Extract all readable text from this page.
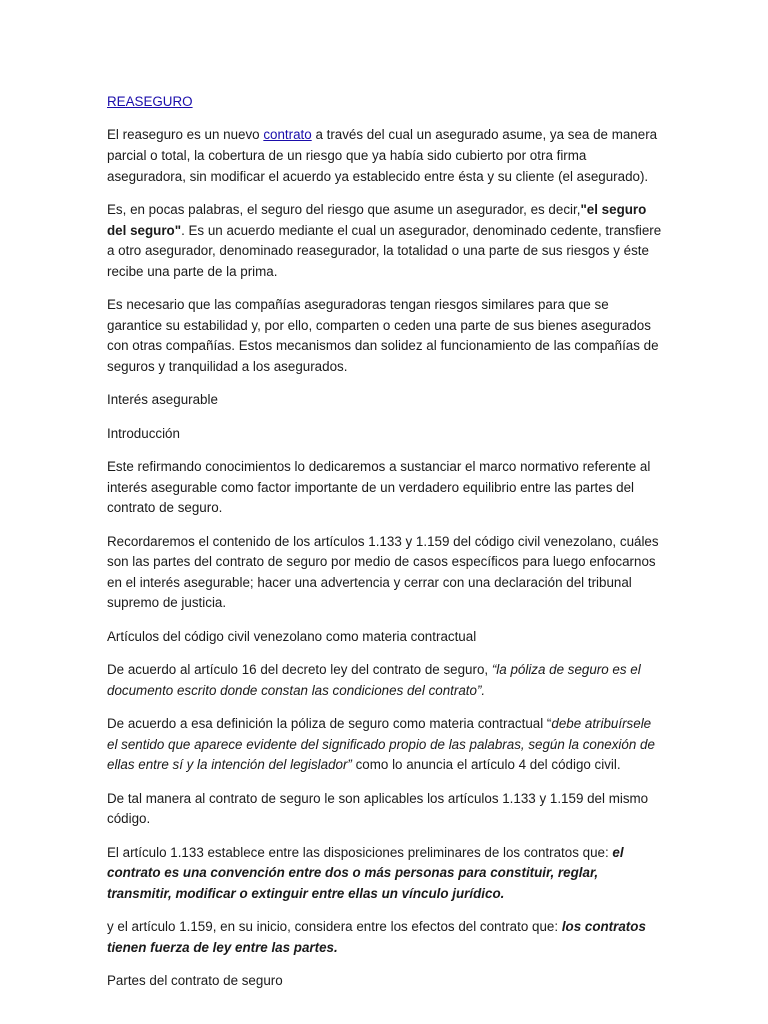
REASEGURO

El reaseguro es un nuevo contrato a través del cual un asegurado asume, ya sea de manera parcial o total, la cobertura de un riesgo que ya había sido cubierto por otra firma aseguradora, sin modificar el acuerdo ya establecido entre ésta y su cliente (el asegurado).

Es, en pocas palabras, el seguro del riesgo que asume un asegurador, es decir,"el seguro del seguro". Es un acuerdo mediante el cual un asegurador, denominado cedente, transfiere a otro asegurador, denominado reasegurador, la totalidad o una parte de sus riesgos y éste recibe una parte de la prima.

Es necesario que las compañías aseguradoras tengan riesgos similares para que se garantice su estabilidad y, por ello, comparten o ceden una parte de sus bienes asegurados con otras compañías. Estos mecanismos dan solidez al funcionamiento de las compañías de seguros y tranquilidad a los asegurados.

Interés asegurable

Introducción

Este refirmando conocimientos lo dedicaremos a sustanciar el marco normativo referente al interés asegurable como factor importante de un verdadero equilibrio entre las partes del contrato de seguro.

Recordaremos el contenido de los artículos 1.133 y 1.159 del código civil venezolano, cuáles son las partes del contrato de seguro por medio de casos específicos para luego enfocarnos en el interés asegurable; hacer una advertencia y cerrar con una declaración del tribunal supremo de justicia.

Artículos del código civil venezolano como materia contractual

De acuerdo al artículo 16 del decreto ley del contrato de seguro, “la póliza de seguro es el documento escrito donde constan las condiciones del contrato”.

De acuerdo a esa definición la póliza de seguro como materia contractual “debe atribuírsele el sentido que aparece evidente del significado propio de las palabras, según la conexión de ellas entre sí y la intención del legislador” como lo anuncia el artículo 4 del código civil.

De tal manera al contrato de seguro le son aplicables los artículos 1.133 y 1.159 del mismo código.

El artículo 1.133 establece entre las disposiciones preliminares de los contratos que: el contrato es una convención entre dos o más personas para constituir, reglar, transmitir, modificar o extinguir entre ellas un vínculo jurídico.

y el artículo 1.159, en su inicio, considera entre los efectos del contrato que: los contratos tienen fuerza de ley entre las partes.

Partes del contrato de seguro
